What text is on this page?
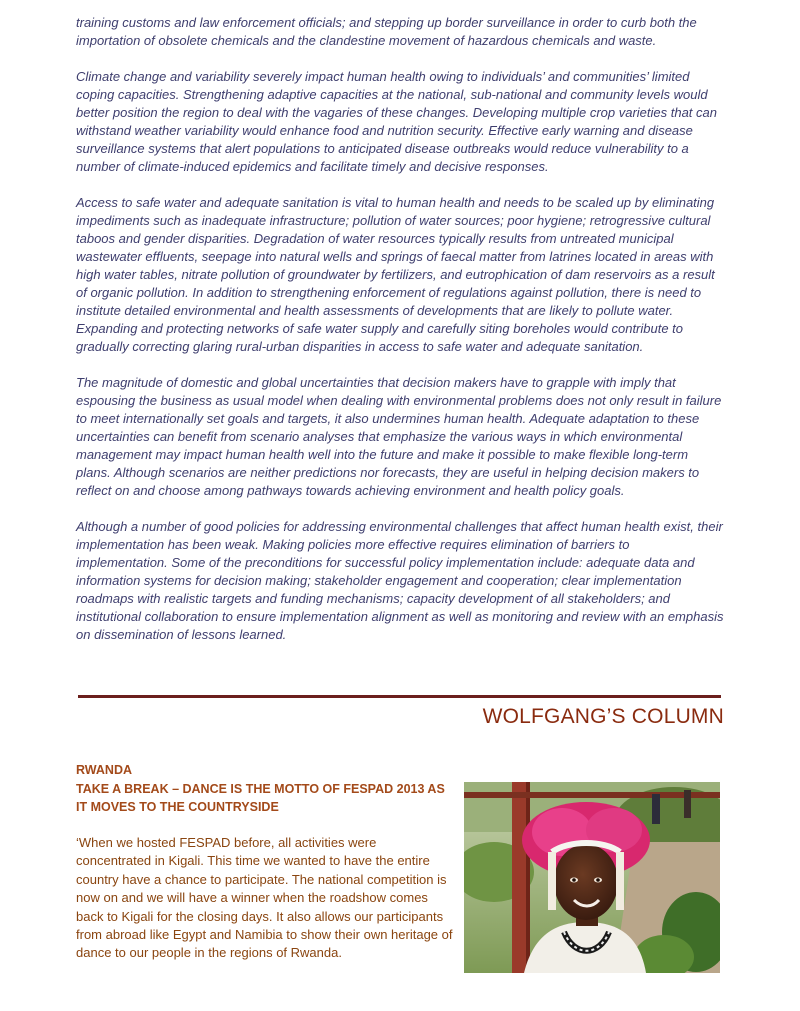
training customs and law enforcement officials; and stepping up border surveillance in order to curb both the importation of obsolete chemicals and the clandestine movement of hazardous chemicals and waste.

Climate change and variability severely impact human health owing to individuals’ and communities’ limited coping capacities. Strengthening adaptive capacities at the national, sub-national and community levels would better position the region to deal with the vagaries of these changes. Developing multiple crop varieties that can withstand weather variability would enhance food and nutrition security. Effective early warning and disease surveillance systems that alert populations to anticipated disease outbreaks would reduce vulnerability to a number of climate-induced epidemics and facilitate timely and decisive responses.

Access to safe water and adequate sanitation is vital to human health and needs to be scaled up by eliminating impediments such as inadequate infrastructure; pollution of water sources; poor hygiene; retrogressive cultural taboos and gender disparities. Degradation of water resources typically results from untreated municipal wastewater effluents, seepage into natural wells and springs of faecal matter from latrines located in areas with high water tables, nitrate pollution of groundwater by fertilizers, and eutrophication of dam reservoirs as a result of organic pollution. In addition to strengthening enforcement of regulations against pollution, there is need to institute detailed environmental and health assessments of developments that are likely to pollute water. Expanding and protecting networks of safe water supply and carefully siting boreholes would contribute to gradually correcting glaring rural-urban disparities in access to safe water and adequate sanitation.

The magnitude of domestic and global uncertainties that decision makers have to grapple with imply that espousing the business as usual model when dealing with environmental problems does not only result in failure to meet internationally set goals and targets, it also undermines human health. Adequate adaptation to these uncertainties can benefit from scenario analyses that emphasize the various ways in which environmental management may impact human health well into the future and make it possible to make flexible long-term plans. Although scenarios are neither predictions nor forecasts, they are useful in helping decision makers to reflect on and choose among pathways towards achieving environment and health policy goals.

Although a number of good policies for addressing environmental challenges that affect human health exist, their implementation has been weak. Making policies more effective requires elimination of barriers to implementation. Some of the preconditions for successful policy implementation include: adequate data and information systems for decision making; stakeholder engagement and cooperation; clear implementation roadmaps with realistic targets and funding mechanisms; capacity development of all stakeholders; and institutional collaboration to ensure implementation alignment as well as monitoring and review with an emphasis on dissemination of lessons learned.

WOLFGANG’S COLUMN
RWANDA
TAKE A BREAK – DANCE IS THE MOTTO OF FESPAD 2013 AS IT MOVES TO THE COUNTRYSIDE
‘When we hosted FESPAD before, all activities were concentrated in Kigali. This time we wanted to have the entire country have a chance to participate. The national competition is now on and we will have a winner when the roadshow comes back to Kigali for the closing days. It also allows our participants from abroad like Egypt and Namibia to show their own heritage of dance to our people in the regions of Rwanda.
